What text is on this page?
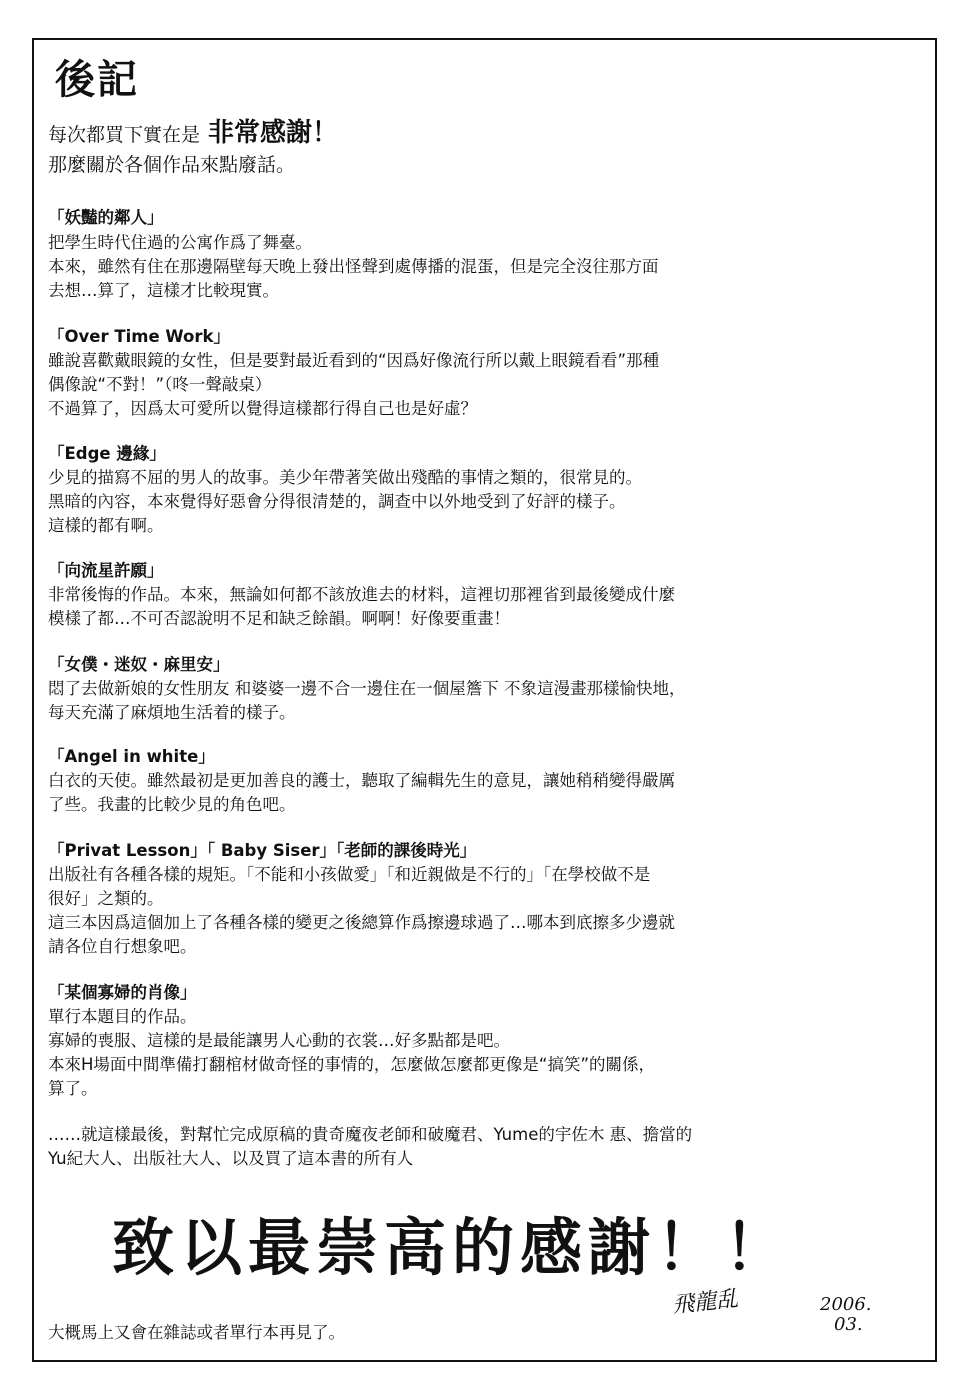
後記
每次都買下實在是 非常感謝！
那麼關於各個作品來點廢話。
「妖豔的鄰人」
把學生時代住過的公寓作爲了舞臺。
本來，雖然有住在那邊隔壁每天晚上發出怪聲到處傳播的混蛋，但是完全沒往那方面
去想…算了，這樣才比較現實。
「Over Time Work」
雖說喜歡戴眼鏡的女性，但是要對最近看到的“因爲好像流行所以戴上眼鏡看看”那種
偶像說“不對！”（咚一聲敲桌）
不過算了，因爲太可愛所以覺得這樣都行得自己也是好虛？
「Edge 邊緣」
少見的描寫不屈的男人的故事。美少年帶著笑做出殘酷的事情之類的，很常見的。
黑暗的內容，本來覺得好惡會分得很清楚的，調查中以外地受到了好評的樣子。
這樣的都有啊。
「向流星許願」
非常後悔的作品。本來，無論如何都不該放進去的材料，這裡切那裡省到最後變成什麼
模樣了都…不可否認說明不足和缺乏餘韻。啊啊！好像要重畫！
「女僕・迷奴・麻里安」
悶了去做新娘的女性朋友 和婆婆一邊不合一邊住在一個屋簷下 不象這漫畫那樣愉快地，
每天充滿了麻煩地生活着的樣子。
「Angel in white」
白衣的天使。雖然最初是更加善良的護士，聽取了編輯先生的意見，讓她稍稍變得嚴厲
了些。我畫的比較少見的角色吧。
「Privat Lesson」「 Baby Siser」「老師的課後時光」
出版社有各種各樣的規矩。「不能和小孩做愛」「和近親做是不行的」「在學校做不是
很好」之類的。
這三本因爲這個加上了各種各樣的變更之後總算作爲擦邊球過了…哪本到底擦多少邊就
請各位自行想象吧。
「某個寡婦的肖像」
單行本題目的作品。
寡婦的喪服、這樣的是最能讓男人心動的衣裳…好多點都是吧。
本來H場面中間準備打翻棺材做奇怪的事情的，怎麼做怎麼都更像是“搞笑”的關係，
算了。
……就這樣最後，對幫忙完成原稿的貴奇魔夜老師和破魔君、Yume的宇佐木 惠、擔當的
Yu紀大人、出版社大人、以及買了這本書的所有人
致以最崇高的感謝！！
大概馬上又會在雜誌或者單行本再見了。
飛龍乱	2006.
03.
